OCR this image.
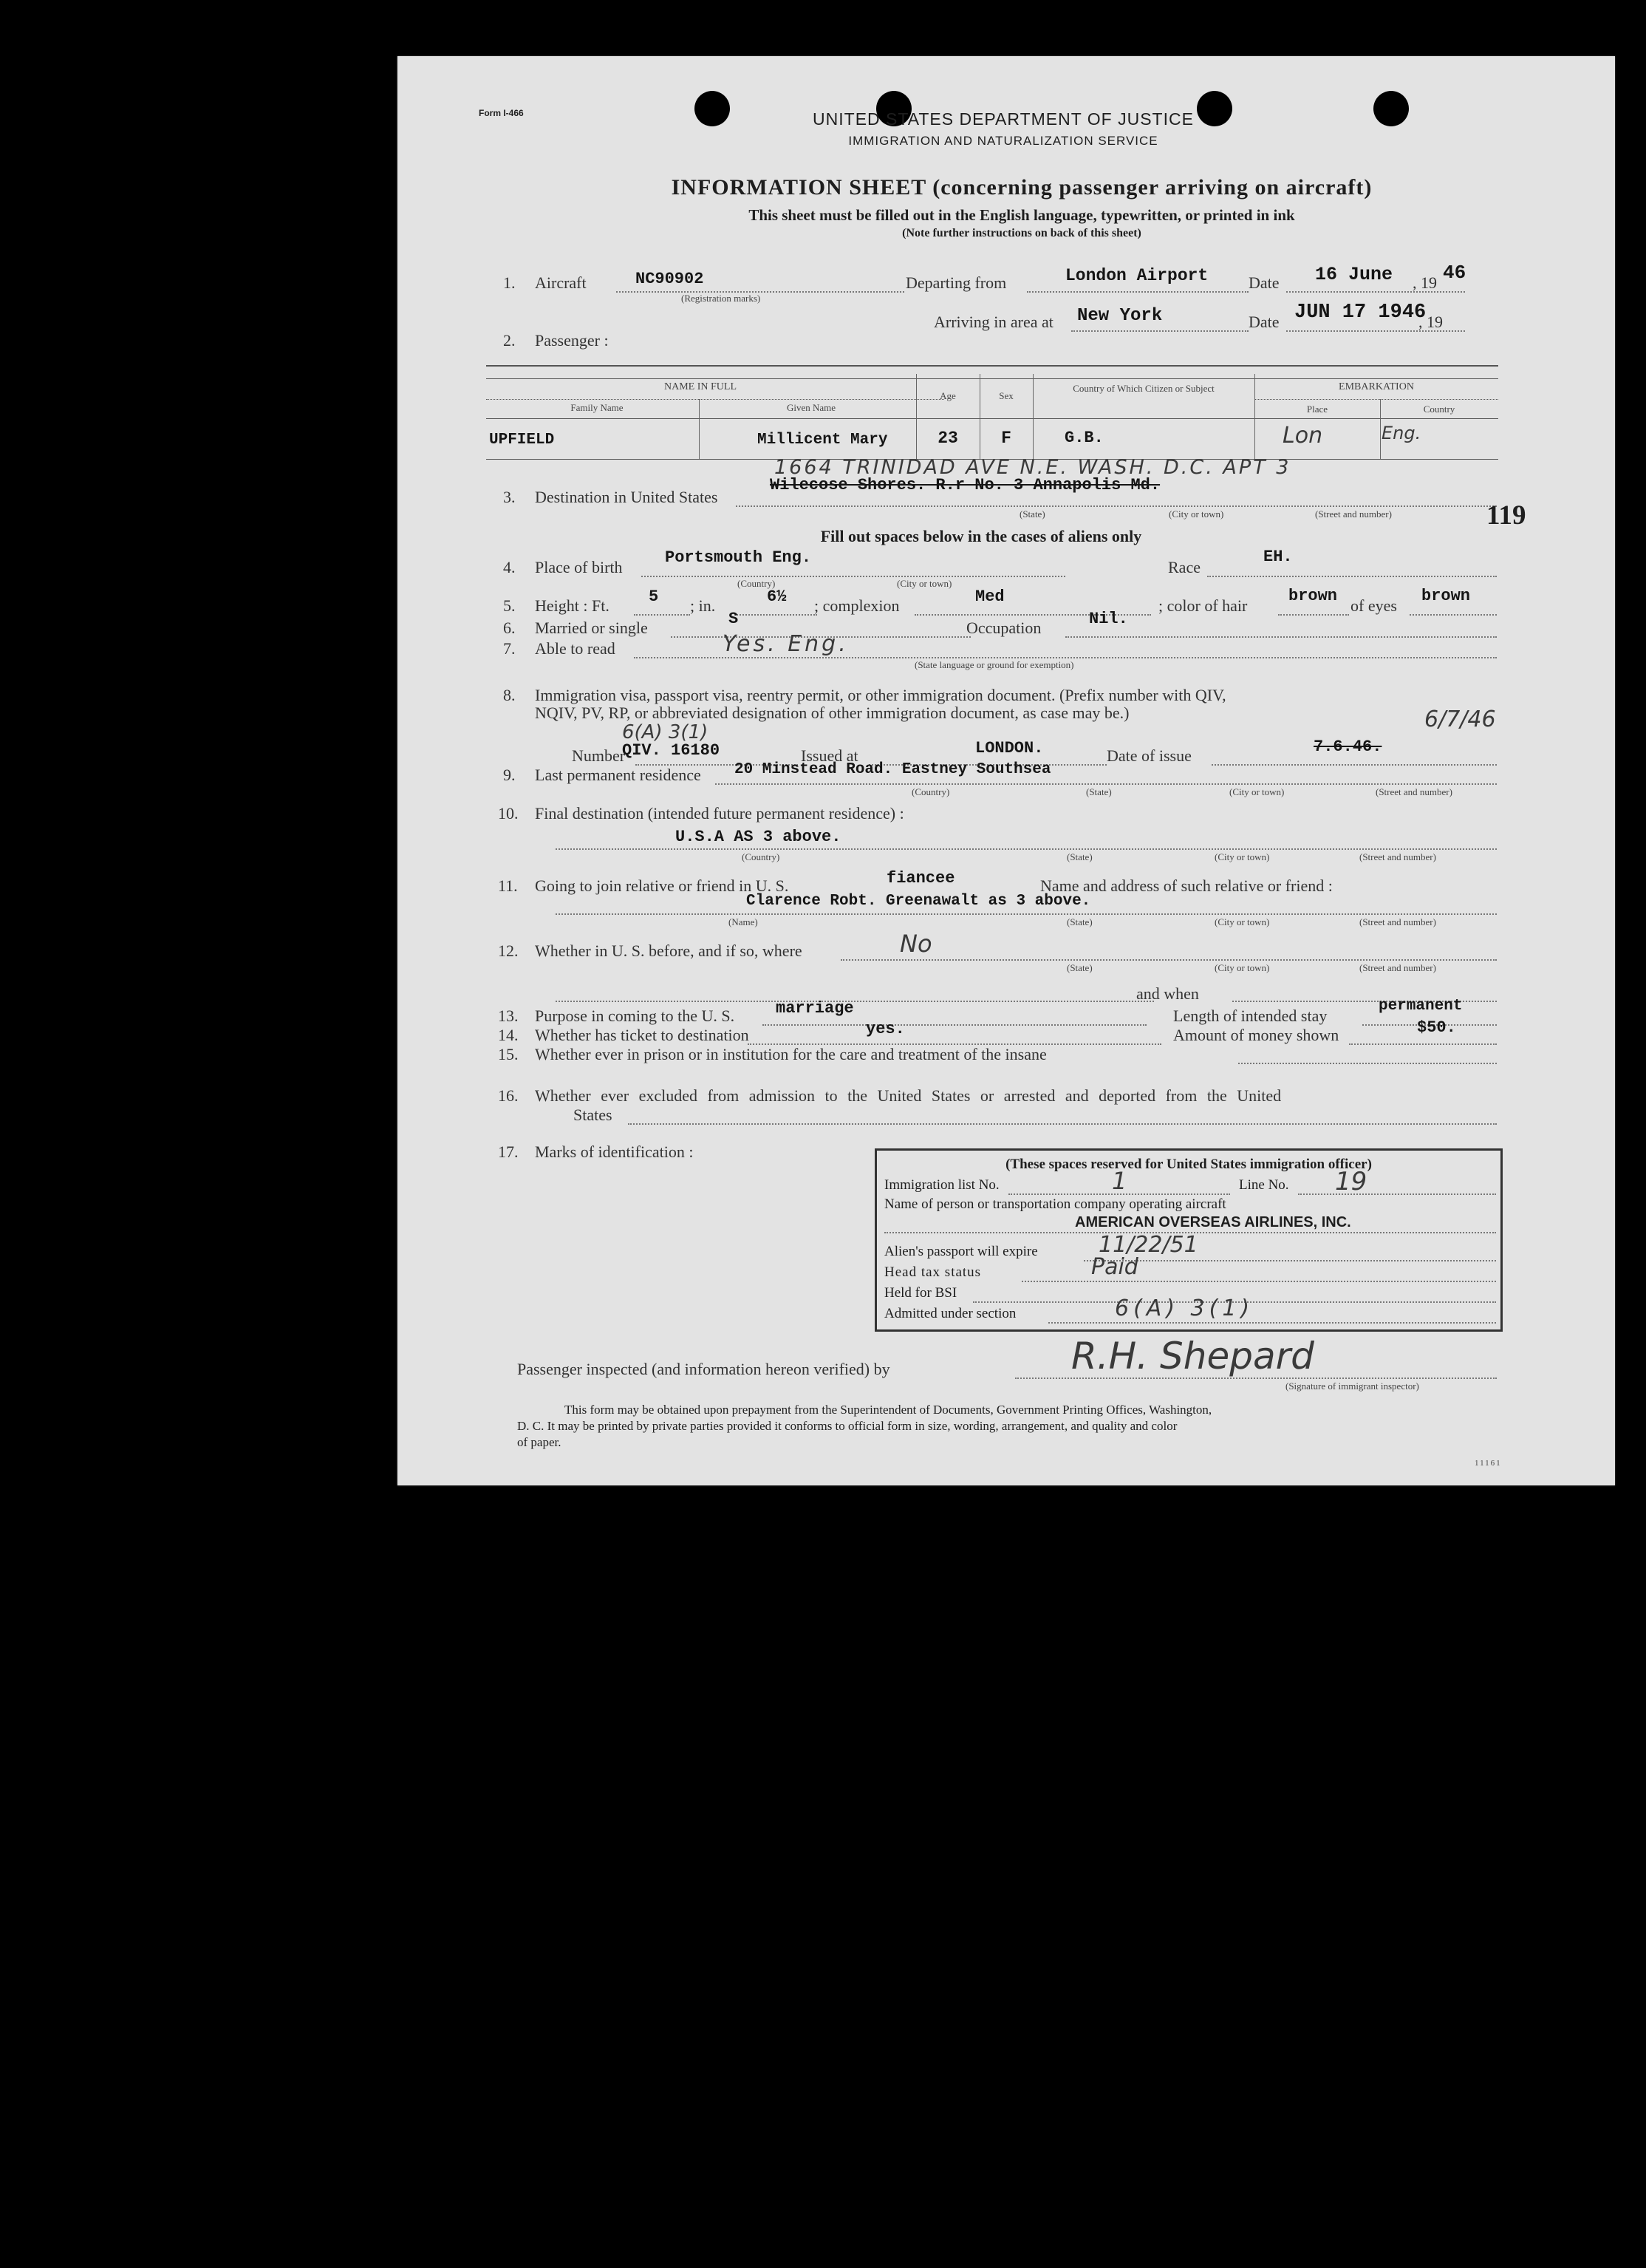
Form I-466	UNITED STATES DEPARTMENT OF JUSTICE
IMMIGRATION AND NATURALIZATION SERVICE
INFORMATION SHEET (concerning passenger arriving on aircraft)
This sheet must be filled out in the English language, typewritten, or printed in ink
(Note further instructions on back of this sheet)
1. Aircraft	NC90902
(Registration marks)
Departing from	London Airport Date 16 June , 19 46
Arriving in area at New York	Date JUN 17 1946
, 19
2. Passenger :
NAME IN FULL
Family Name	Given Name
Age	Sex
Country of Which Citizen or Subject	EMBARKATION
Place	Country
UPFIELD	Millicent Mary	23	F	G.B.	Lon	Eng.
1664 TRINIDAD AVE N.E. WASH. D.C. APT 3
3. Destination in United States
Wilecose Shores. R.r No. 3 Annapolis Md.
(State)	(City or town)	(Street and number)	119
Fill out spaces below in the cases of aliens only
4. Place of birth
Portsmouth Eng.
(Country)	(City or town)
Race
EH.
5. Height : Ft. 5 ; in.	6½ ; complexion	Med	; color of hair
brown
of eyes
brown
6. Married or single	S	Occupation	Nil.
7. Able to read	Yes. Eng.
(State language or ground for exemption)
8. Immigration visa, passport visa, reentry permit, or other immigration document. (Prefix number with QIV,
NQIV, PV, RP, or abbreviated designation of other immigration document, as case may be.)
6(A) 3(1)
Number
QIV. 16180	Issued at	LONDON.	Date of issue	7.6.46.
6/7/46
9. Last permanent residence 20 Minstead Road. Eastney Southsea
(Country)	(State)	(City or town)	(Street and number)
10. Final destination (intended future permanent residence) :
U.S.A AS 3 above.
(Country)	(State)	(City or town)	(Street and number)
11. Going to join relative or friend in U. S.	fiancee	Name and address of such relative or friend :
Clarence Robt. Greenawalt as 3 above.
(Name)	(State)	(City or town)	(Street and number)
12. Whether in U. S. before, and if so, where	No
(State)	(City or town)	(Street and number)
and when
13. Purpose in coming to the U. S.	marriage	Length of intended stay
permanent
14. Whether has ticket to destination	yes.	Amount of money shown	$50.
15. Whether ever in prison or in institution for the care and treatment of the insane
16. Whether ever excluded from admission to the United States or arrested and deported from the United
States
17. Marks of identification :
(These spaces reserved for United States immigration officer)
Immigration list No.	1	Line No. 19
Name of person or transportation company operating aircraft
AMERICAN OVERSEAS AIRLINES, INC.
Alien's passport will expire	11/22/51
Head tax status	Paid
Held for BSI
Admitted under section	6(A) 3(1)
Passenger inspected (and information hereon verified) by	R.H. Shepard
(Signature of immigrant inspector)
This form may be obtained upon prepayment from the Superintendent of Documents, Government Printing Offices, Washington,
D. C. It may be printed by private parties provided it conforms to official form in size, wording, arrangement, and quality and color
of paper.
11161
